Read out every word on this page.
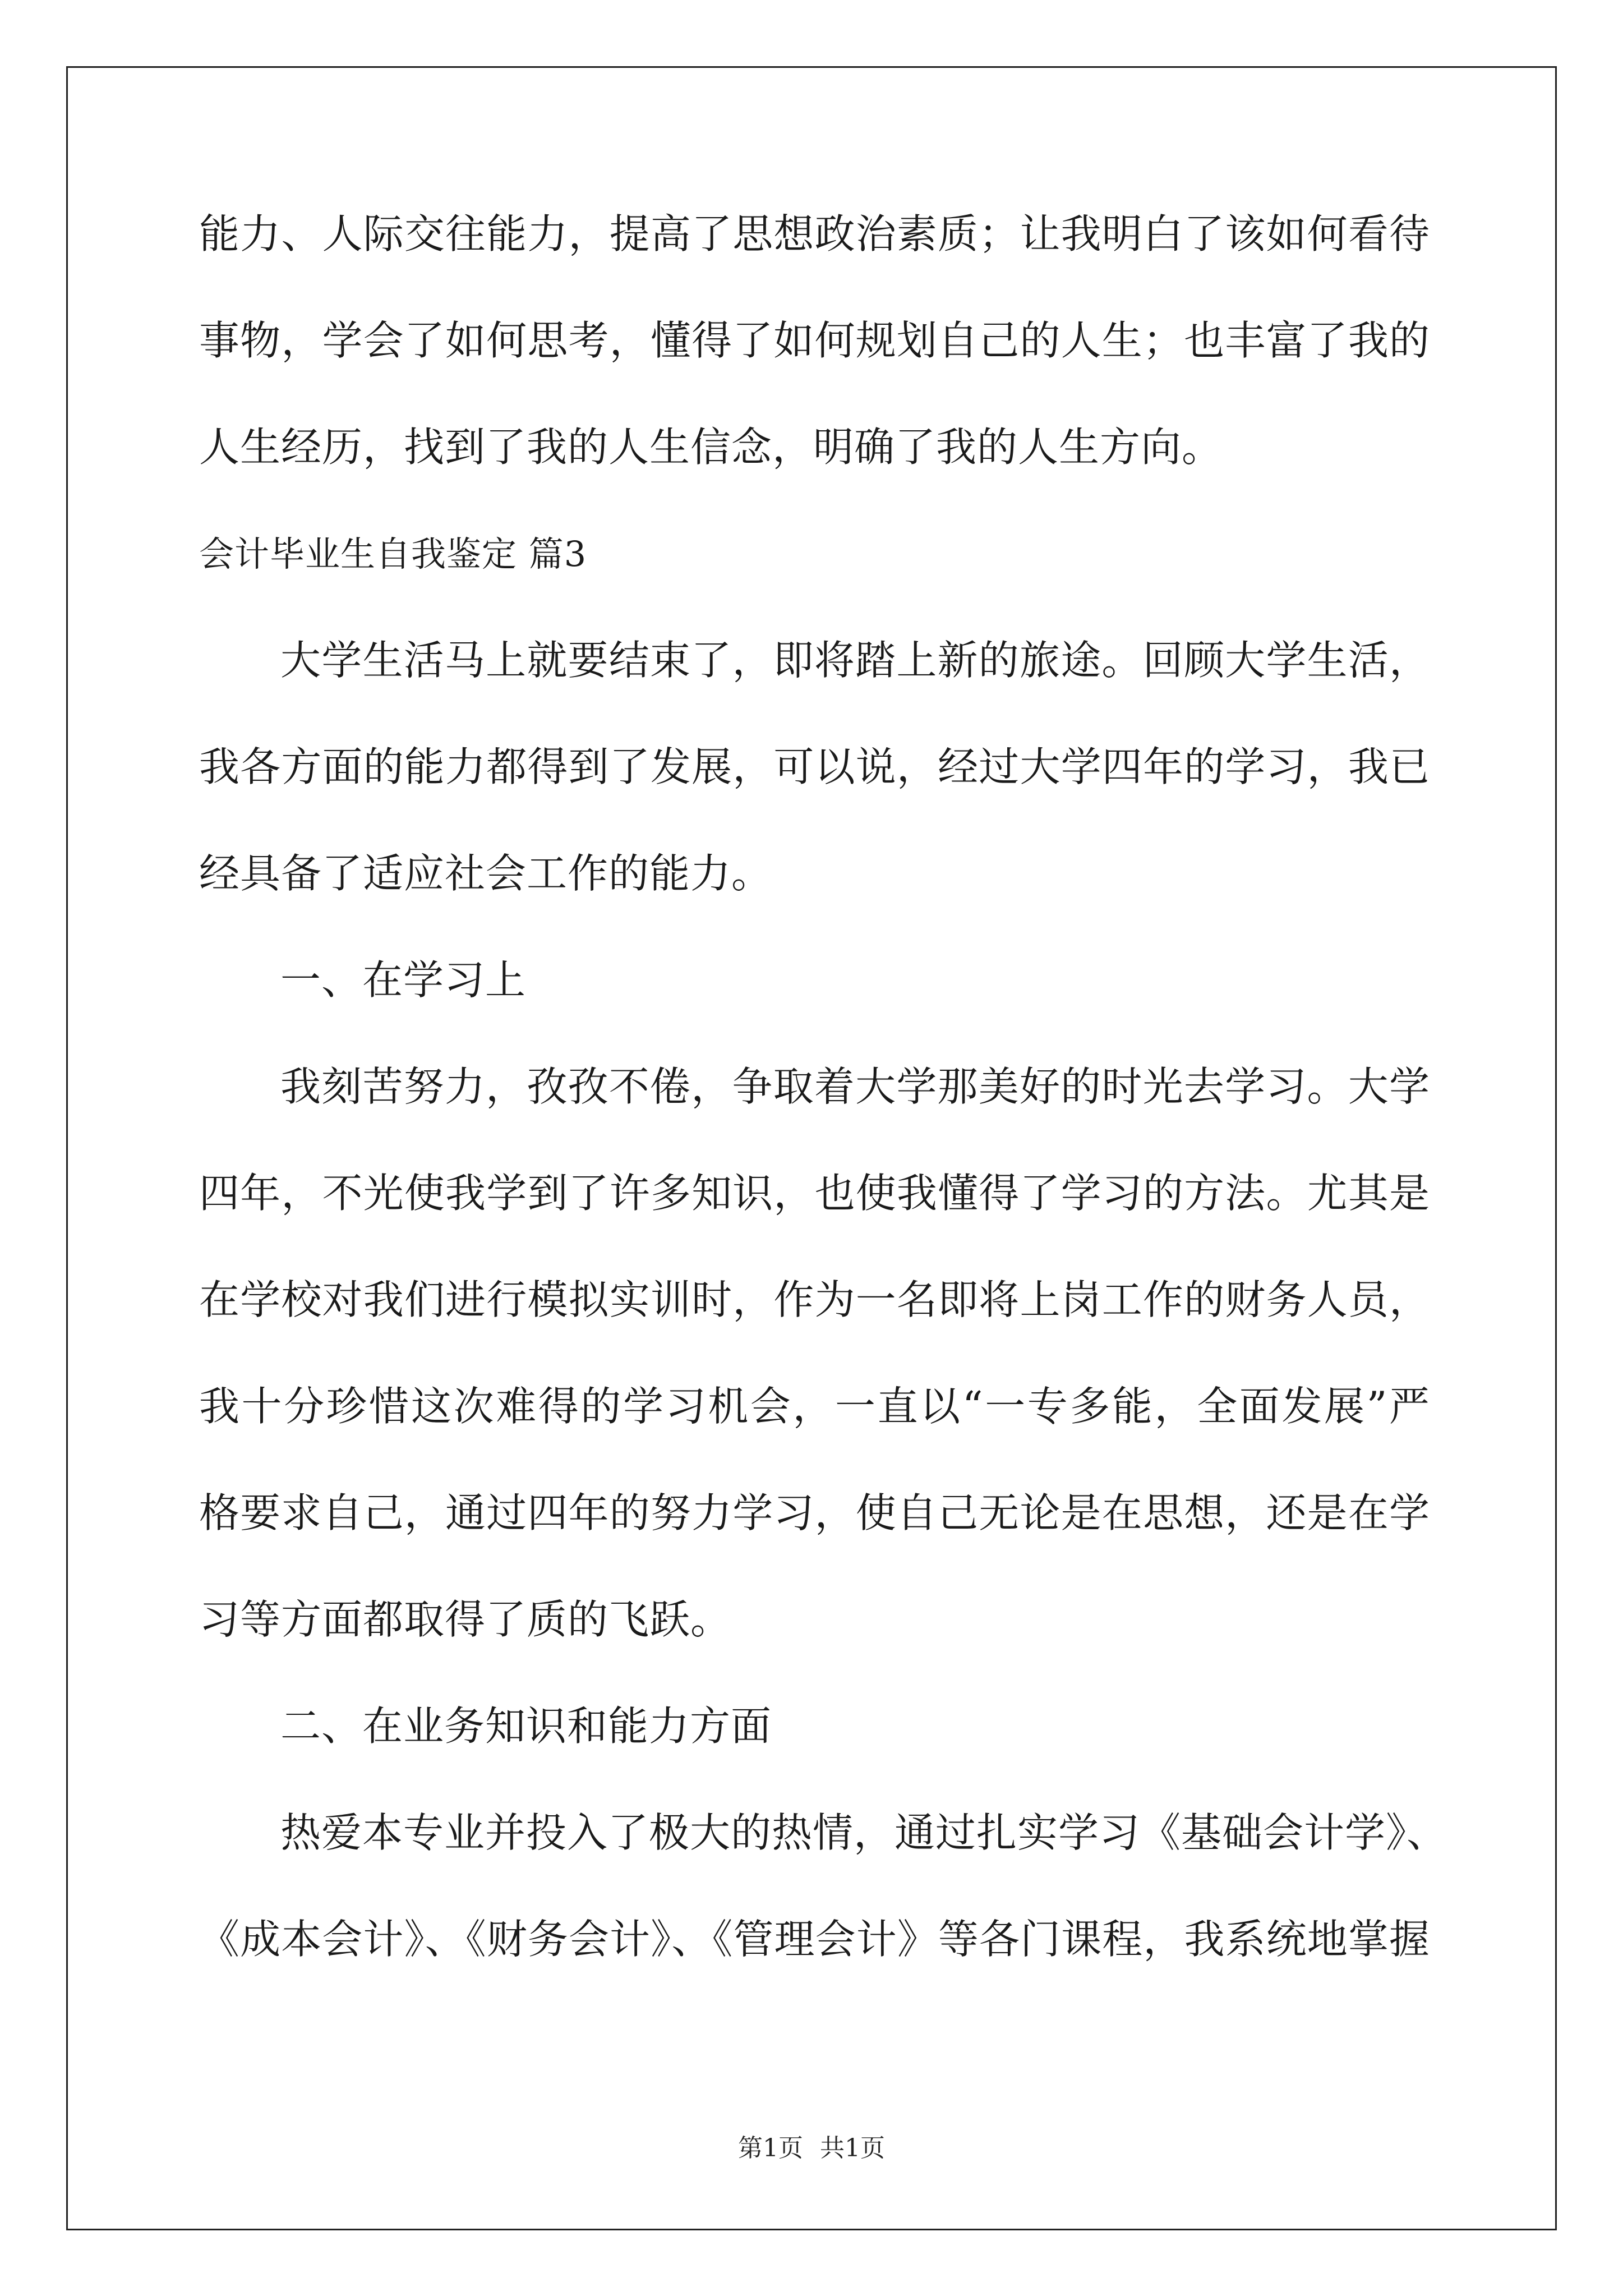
能力、人际交往能力，提高了思想政治素质；让我明白了该如何看待
事物，学会了如何思考，懂得了如何规划自己的人生；也丰富了我的
人生经历，找到了我的人生信念，明确了我的人生方向。
会计毕业生自我鉴定 篇3
大学生活马上就要结束了，即将踏上新的旅途。回顾大学生活，
我各方面的能力都得到了发展，可以说，经过大学四年的学习，我已
经具备了适应社会工作的能力。
一、在学习上
我刻苦努力，孜孜不倦，争取着大学那美好的时光去学习。大学
四年，不光使我学到了许多知识，也使我懂得了学习的方法。尤其是
在学校对我们进行模拟实训时，作为一名即将上岗工作的财务人员，
我十分珍惜这次难得的学习机会，一直以“一专多能，全面发展”严
格要求自己，通过四年的努力学习，使自己无论是在思想，还是在学
习等方面都取得了质的飞跃。
二、在业务知识和能力方面
热爱本专业并投入了极大的热情，通过扎实学习《基础会计学》、
《成本会计》、《财务会计》、《管理会计》等各门课程，我系统地掌握
第1页 共1页
